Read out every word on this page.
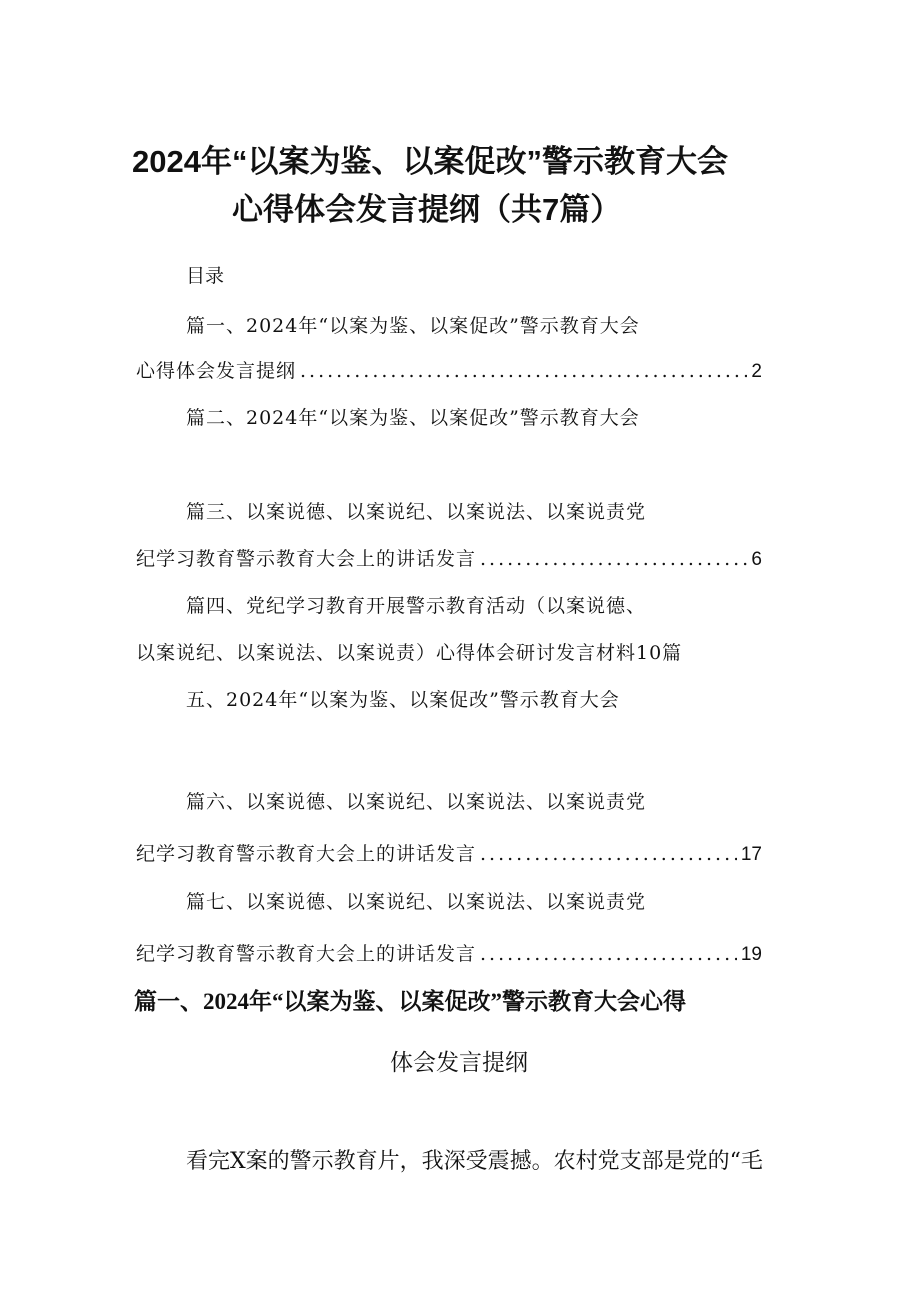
2024年“以案为鉴、以案促改”警示教育大会
心得体会发言提纲（共7篇）
目录
篇一、2024年“以案为鉴、以案促改”警示教育大会
心得体会发言提纲 .....	2
篇二、2024年“以案为鉴、以案促改”警示教育大会
篇三、以案说德、以案说纪、以案说法、以案说责党
纪学习教育警示教育大会上的讲话发言 .....	6
篇四、党纪学习教育开展警示教育活动（以案说德、
以案说纪、以案说法、以案说责）心得体会研讨发言材料10篇
五、2024年“以案为鉴、以案促改”警示教育大会
篇六、以案说德、以案说纪、以案说法、以案说责党
纪学习教育警示教育大会上的讲话发言 .....	17
篇七、以案说德、以案说纪、以案说法、以案说责党
纪学习教育警示教育大会上的讲话发言 .....	19
篇一、2024年“以案为鉴、以案促改”警示教育大会心得
体会发言提纲
看完X案的警示教育片，我深受震撼。农村党支部是党的“毛
